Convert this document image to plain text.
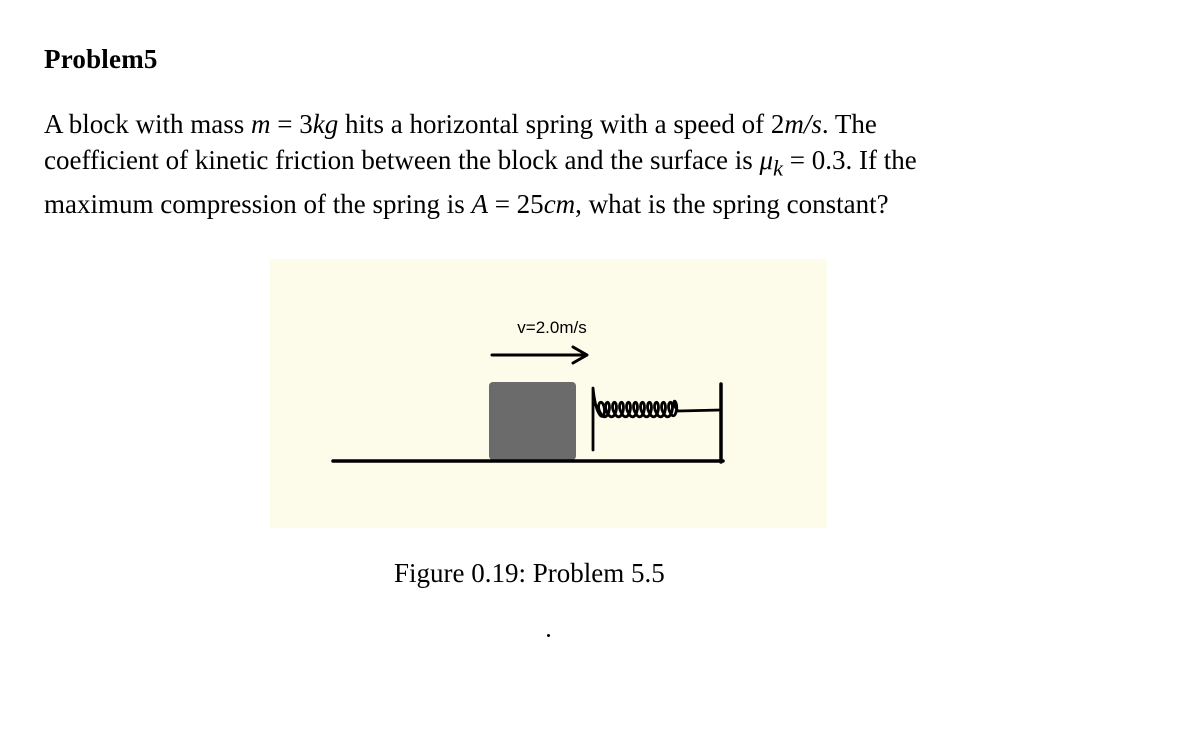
Problem5
A block with mass m = 3kg hits a horizontal spring with a speed of 2m/s. The
coefficient of kinetic friction between the block and the surface is $\mu_k = 0.3$. If the
maximum compression of the spring is A = 25cm, what is the spring constant?
v=2.0m/s
Figure 0.19: Problem 5.5
